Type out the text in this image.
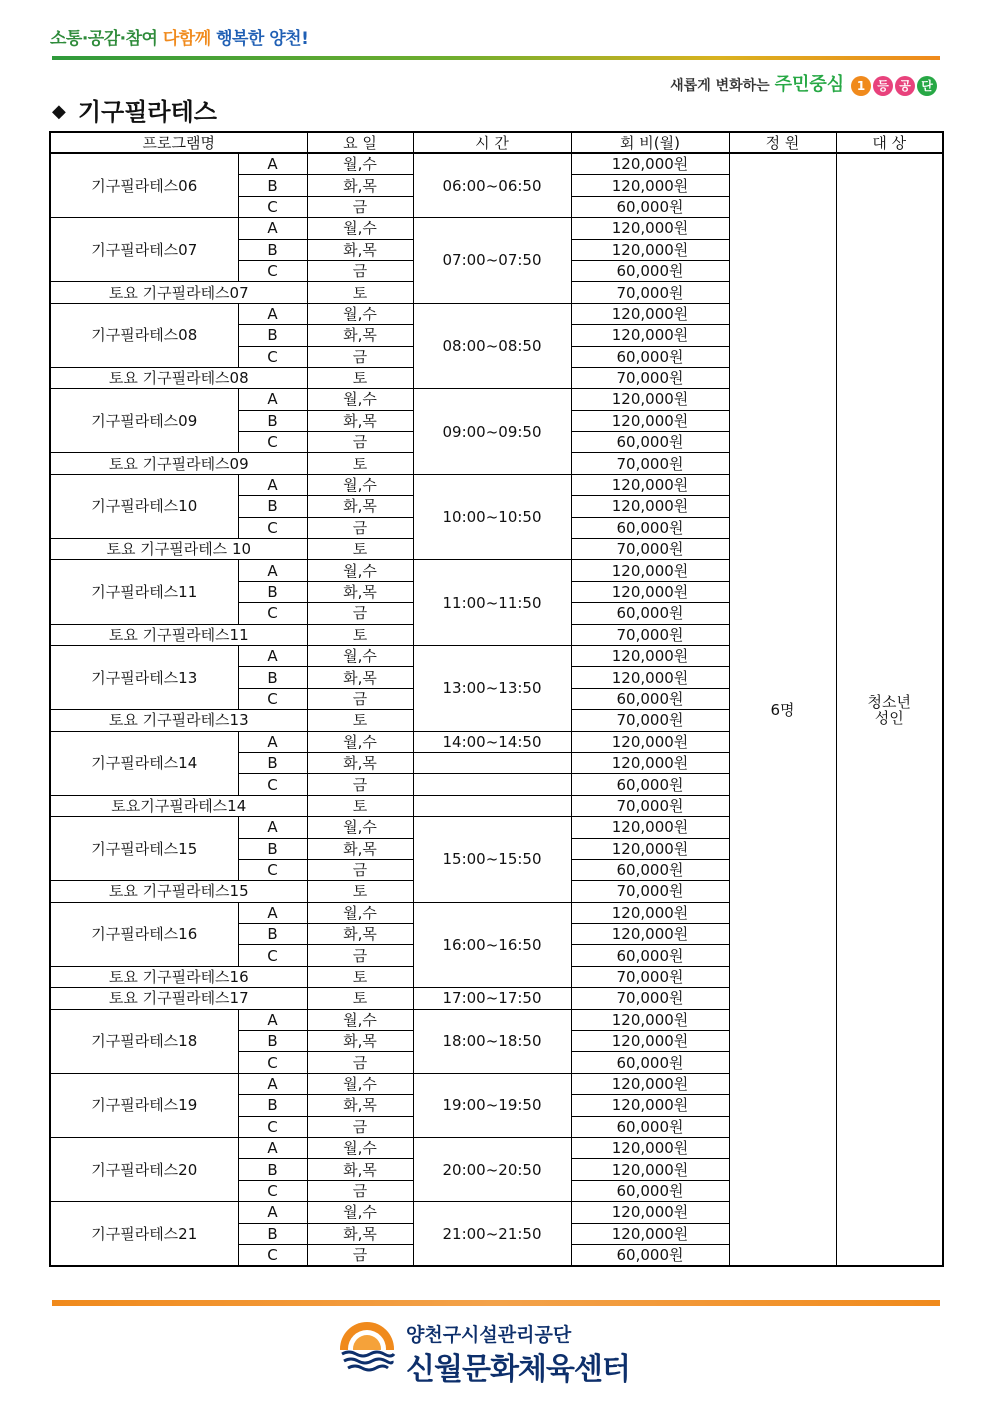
소통·공감·참여 다함께 행복한 양천!
새롭게 변화하는 주민중심 1 등 공 단
◆ 기구필라테스
프로그램명		요 일	시 간	회 비(월)	정 원	대 상
기구필라테스06	A	월,수	06:00~06:50	120,000원	6명	청소년
성인

	B	화,목		120,000원		
	C	금		60,000원		
기구필라테스07	A	월,수	07:00~07:50	120,000원		
	B	화,목		120,000원		
	C	금		60,000원		
토요 기구필라테스07		토		70,000원		
기구필라테스08	A	월,수	08:00~08:50	120,000원		
	B	화,목		120,000원		
	C	금		60,000원		
토요 기구필라테스08		토		70,000원		
기구필라테스09	A	월,수	09:00~09:50	120,000원		
	B	화,목		120,000원		
	C	금		60,000원		
토요 기구필라테스09		토		70,000원		
기구필라테스10	A	월,수	10:00~10:50	120,000원		
	B	화,목		120,000원		
	C	금		60,000원		
토요 기구필라테스 10		토		70,000원		
기구필라테스11	A	월,수	11:00~11:50	120,000원		
	B	화,목		120,000원		
	C	금		60,000원		
토요 기구필라테스11		토		70,000원		
기구필라테스13	A	월,수	13:00~13:50	120,000원		
	B	화,목		120,000원		
	C	금		60,000원		
토요 기구필라테스13		토		70,000원		
기구필라테스14	A	월,수	14:00~14:50	120,000원		
	B	화,목		120,000원		
	C	금		60,000원		
토요기구필라테스14		토		70,000원		
기구필라테스15	A	월,수	15:00~15:50	120,000원		
	B	화,목		120,000원		
	C	금		60,000원		
토요 기구필라테스15		토		70,000원		
기구필라테스16	A	월,수	16:00~16:50	120,000원		
	B	화,목		120,000원		
	C	금		60,000원		
토요 기구필라테스16		토		70,000원		
토요 기구필라테스17		토	17:00~17:50	70,000원		
기구필라테스18	A	월,수	18:00~18:50	120,000원		
	B	화,목		120,000원		
	C	금		60,000원		
기구필라테스19	A	월,수	19:00~19:50	120,000원		
	B	화,목		120,000원		
	C	금		60,000원		
기구필라테스20	A	월,수	20:00~20:50	120,000원		
	B	화,목		120,000원		
	C	금		60,000원		
기구필라테스21	A	월,수	21:00~21:50	120,000원		
	B	화,목		120,000원		
	C	금		60,000원		
양천구시설관리공단
신월문화체육센터
